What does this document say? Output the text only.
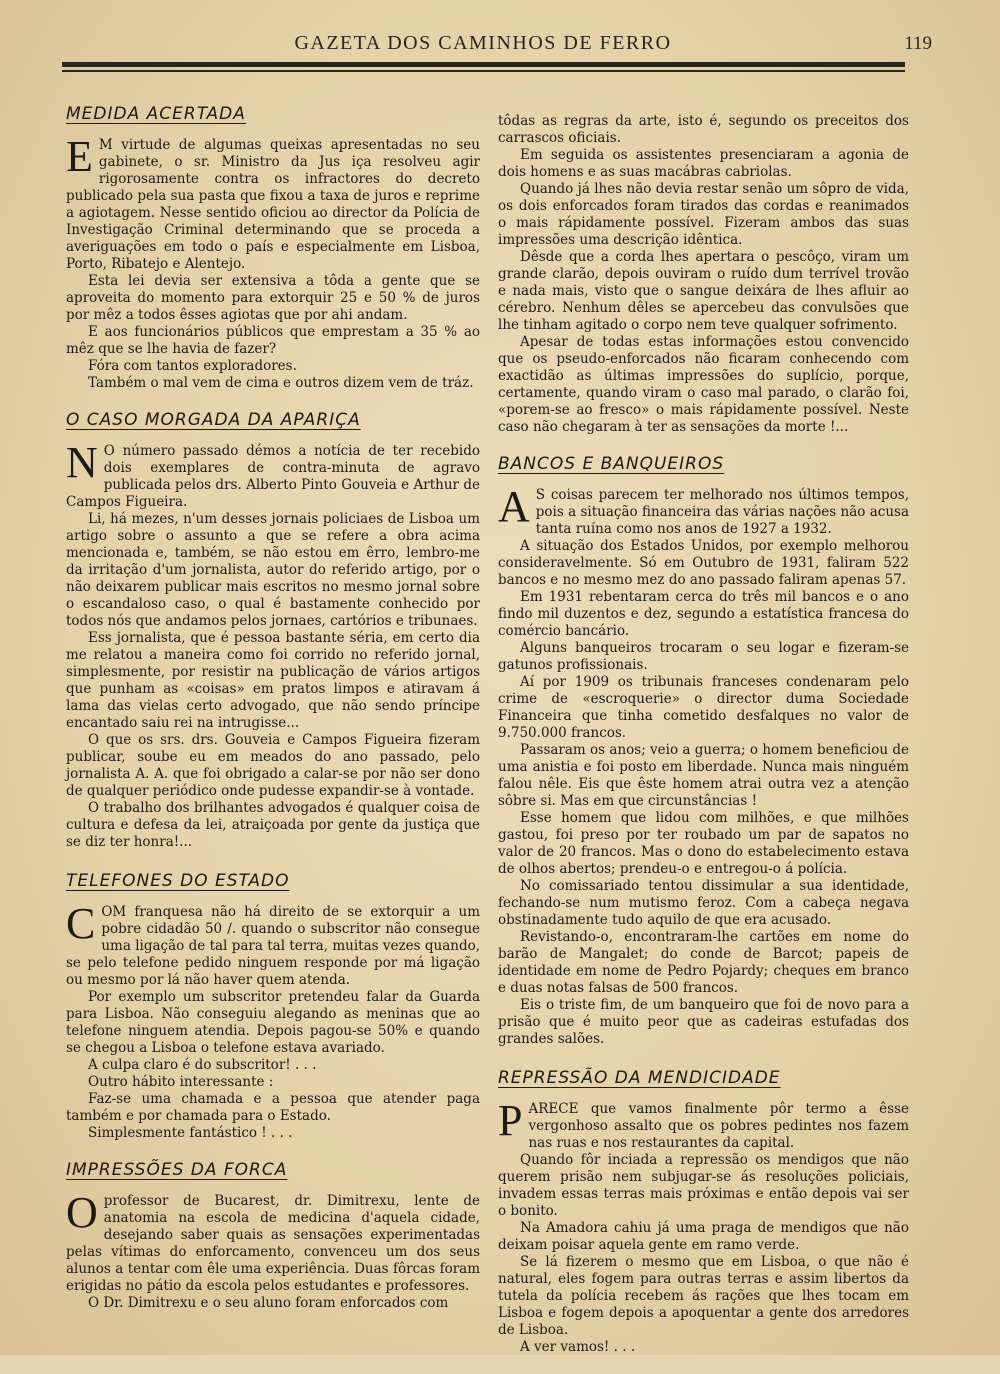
GAZETA DOS CAMINHOS DE FERRO	119
MEDIDA ACERTADA

E M virtude de algumas queixas apresentadas no seu gabinete, o sr. Ministro da Jus iça resolveu agir rigorosamente contra os infractores do decreto publicado pela sua pasta que fixou a taxa de juros e reprime a agiotagem. Nesse sentido oficiou ao director da Polícia de Investigação Criminal determinando que se proceda a averiguações em todo o país e especialmente em Lisboa, Porto, Ribatejo e Alentejo.

Esta lei devia ser extensiva a tôda a gente que se aproveita do momento para extorquir 25 e 50 % de juros por mêz a todos êsses agiotas que por ahi andam.

E aos funcionários públicos que emprestam a 35 % ao mêz que se lhe havia de fazer?

Fóra com tantos exploradores.

Também o mal vem de cima e outros dizem vem de tráz.

O CASO MORGADA DA APARIÇA

N O número passado démos a notícia de ter recebido dois exemplares de contra-minuta de agravo publicada pelos drs. Alberto Pinto Gouveia e Arthur de Campos Figueira.

Li, há mezes, n'um desses jornais policiaes de Lisboa um artigo sobre o assunto a que se refere a obra acima mencionada e, também, se não estou em êrro, lembro-me da irritação d'um jornalista, autor do referido artigo, por o não deixarem publicar mais escritos no mesmo jornal sobre o escandaloso caso, o qual é bastamente conhecido por todos nós que andamos pelos jornaes, cartórios e tribunaes.

Ess jornalista, que é pessoa bastante séria, em certo dia me relatou a maneira como foi corrido no referido jornal, simplesmente, por resistir na publicação de vários artigos que punham as «coisas» em pratos limpos e atiravam á lama das vielas certo advogado, que não sendo príncipe encantado saiu rei na intrugisse...

O que os srs. drs. Gouveia e Campos Figueira fizeram publicar, soube eu em meados do ano passado, pelo jornalista A. A. que foi obrigado a calar-se por não ser dono de qualquer periódico onde pudesse expandir-se à vontade.

O trabalho dos brilhantes advogados é qualquer coisa de cultura e defesa da lei, atraiçoada por gente da justiça que se diz ter honra!...

TELEFONES DO ESTADO

COM franquesa não há direito de se extorquir a um pobre cidadão 50 /. quando o subscritor não consegue uma ligação de tal para tal terra, muitas vezes quando, se pelo telefone pedido ninguem responde por má ligação ou mesmo por lá não haver quem atenda.

Por exemplo um subscritor pretendeu falar da Guarda para Lisboa. Não conseguiu alegando as meninas que ao telefone ninguem atendia. Depois pagou-se 50% e quando se chegou a Lisboa o telefone estava avariado.

A culpa claro é do subscritor! . . .

Outro hábito interessante :

Faz-se uma chamada e a pessoa que atender paga também e por chamada para o Estado.

Simplesmente fantástico ! . . .

IMPRESSÕES DA FORCA

Oprofessor de Bucarest, dr. Dimitrexu, lente de anatomia na escola de medicina d'aquela cidade, desejando saber quais as sensações experimentadas pelas vítimas do enforcamento, convenceu um dos seus alunos a tentar com êle uma experiência. Duas fôrcas foram erigidas no pátio da escola pelos estudantes e professores.

O Dr. Dimitrexu e o seu aluno foram enforcados com

tôdas as regras da arte, isto é, segundo os preceitos dos carrascos oficiais.

Em seguida os assistentes presenciaram a agonia de dois homens e as suas macábras cabriolas.

Quando já lhes não devia restar senão um sôpro de vida, os dois enforcados foram tirados das cordas e reanimados o mais rápidamente possível. Fizeram ambos das suas impressões uma descrição idêntica.

Dêsde que a corda lhes apertara o pescôço, viram um grande clarão, depois ouviram o ruído dum terrível trovão e nada mais, visto que o sangue deixára de lhes afluir ao cérebro. Nenhum dêles se apercebeu das convulsões que lhe tinham agitado o corpo nem teve qualquer sofrimento.

Apesar de todas estas informações estou convencido que os pseudo-enforcados não ficaram conhecendo com exactidão as últimas impressões do suplício, porque, certamente, quando viram o caso mal parado, o clarão foi, «porem-se ao fresco» o mais rápidamente possível. Neste caso não chegaram à ter as sensações da morte !...

BANCOS E BANQUEIROS

A S coisas parecem ter melhorado nos últimos tempos, pois a situação financeira das várias nações não acusa tanta ruína como nos anos de 1927 a 1932.

A situação dos Estados Unidos, por exemplo melhorou consideravelmente. Só em Outubro de 1931, faliram 522 bancos e no mesmo mez do ano passado faliram apenas 57.

Em 1931 rebentaram cerca do três mil bancos e o ano findo mil duzentos e dez, segundo a estatística francesa do comércio bancário.

Alguns banqueiros trocaram o seu logar e fizeram-se gatunos profissionais.

Aí por 1909 os tribunais franceses condenaram pelo crime de «escroquerie» o director duma Sociedade Financeira que tinha cometido desfalques no valor de 9.750.000 francos.

Passaram os anos; veio a guerra; o homem beneficiou de uma anistia e foi posto em liberdade. Nunca mais ninguém falou nêle. Eis que êste homem atrai outra vez a atenção sôbre si. Mas em que circunstâncias !

Esse homem que lidou com milhões, e que milhões gastou, foi preso por ter roubado um par de sapatos no valor de 20 francos. Mas o dono do estabelecimento estava de olhos abertos; prendeu-o e entregou-o á polícia.

No comissariado tentou dissimular a sua identidade, fechando-se num mutismo feroz. Com a cabeça negava obstinadamente tudo aquilo de que era acusado.

Revistando-o, encontraram-lhe cartões em nome do barão de Mangalet; do conde de Barcot; papeis de identidade em nome de Pedro Pojardy; cheques em branco e duas notas falsas de 500 francos.

Eis o triste fim, de um banqueiro que foi de novo para a prisão que é muito peor que as cadeiras estufadas dos grandes salões.

REPRESSÃO DA MENDICIDADE

PARECE que vamos finalmente pôr termo a êsse vergonhoso assalto que os pobres pedintes nos fazem nas ruas e nos restaurantes da capital.

Quando fôr inciada a repressão os mendigos que não querem prisão nem subjugar-se ás resoluções policiais, invadem essas terras mais próximas e então depois vai ser o bonito.

Na Amadora cahiu já uma praga de mendigos que não deixam poisar aquela gente em ramo verde.

Se lá fizerem o mesmo que em Lisboa, o que não é natural, eles fogem para outras terras e assim libertos da tutela da polícia recebem ás rações que lhes tocam em Lisboa e fogem depois a apoquentar a gente dos arredores de Lisboa.

A ver vamos! . . .
